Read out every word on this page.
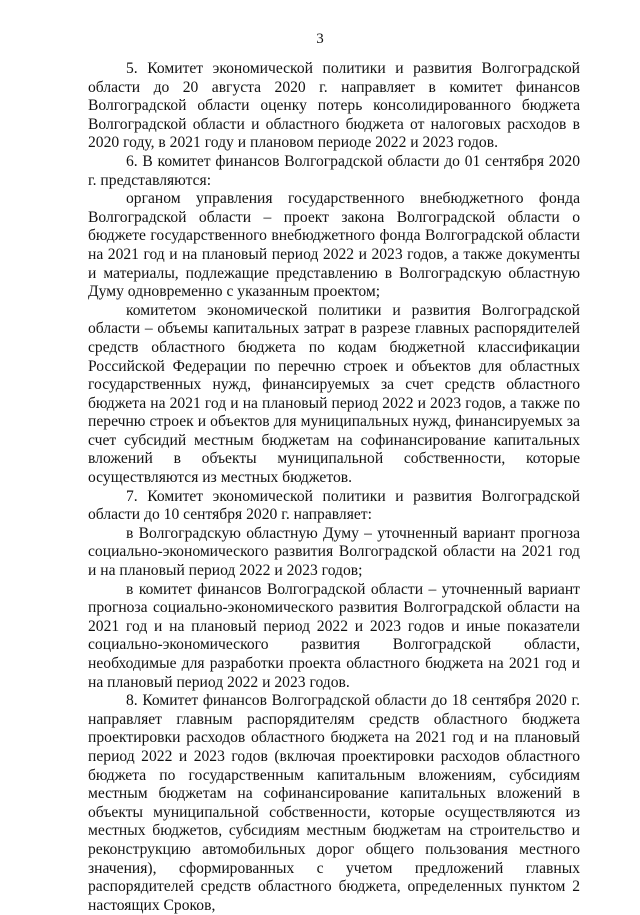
3

5. Комитет экономической политики и развития Волгоградской области до 20 августа 2020 г. направляет в комитет финансов Волгоградской области оценку потерь консолидированного бюджета Волгоградской области и областного бюджета от налоговых расходов в 2020 году, в 2021 году и плановом периоде 2022 и 2023 годов.

6. В комитет финансов Волгоградской области до 01 сентября 2020 г. представляются:

органом управления государственного внебюджетного фонда Волгоградской области – проект закона Волгоградской области о бюджете государственного внебюджетного фонда Волгоградской области на 2021 год и на плановый период 2022 и 2023 годов, а также документы и материалы, подлежащие представлению в Волгоградскую областную Думу одновременно с указанным проектом;

комитетом экономической политики и развития Волгоградской области – объемы капитальных затрат в разрезе главных распорядителей средств областного бюджета по кодам бюджетной классификации Российской Федерации по перечню строек и объектов для областных государственных нужд, финансируемых за счет средств областного бюджета на 2021 год и на плановый период 2022 и 2023 годов, а также по перечню строек и объектов для муниципальных нужд, финансируемых за счет субсидий местным бюджетам на софинансирование капитальных вложений в объекты муниципальной собственности, которые осуществляются из местных бюджетов.

7. Комитет экономической политики и развития Волгоградской области до 10 сентября 2020 г. направляет:

в Волгоградскую областную Думу – уточненный вариант прогноза социально-экономического развития Волгоградской области на 2021 год и на плановый период 2022 и 2023 годов;

в комитет финансов Волгоградской области – уточненный вариант прогноза социально-экономического развития Волгоградской области на 2021 год и на плановый период 2022 и 2023 годов и иные показатели социально-экономического развития Волгоградской области, необходимые для разработки проекта областного бюджета на 2021 год и на плановый период 2022 и 2023 годов.

8. Комитет финансов Волгоградской области до 18 сентября 2020 г. направляет главным распорядителям средств областного бюджета проектировки расходов областного бюджета на 2021 год и на плановый период 2022 и 2023 годов (включая проектировки расходов областного бюджета по государственным капитальным вложениям, субсидиям местным бюджетам на софинансирование капитальных вложений в объекты муниципальной собственности, которые осуществляются из местных бюджетов, субсидиям местным бюджетам на строительство и реконструкцию автомобильных дорог общего пользования местного значения), сформированных с учетом предложений главных распорядителей средств областного бюджета, определенных пунктом 2 настоящих Сроков,
